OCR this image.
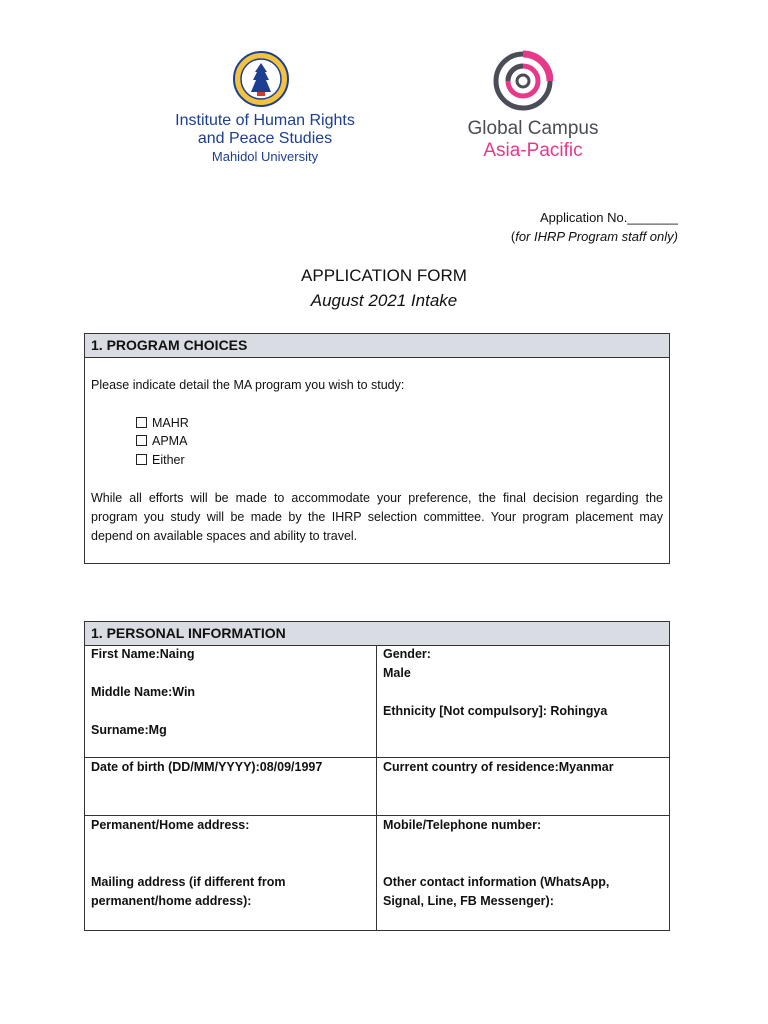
Institute of Human Rights
and Peace Studies
Mahidol University
Global Campus
Asia-Pacific
Application No._______
(for IHRP Program staff only)
APPLICATION FORM
August 2021 Intake
1. PROGRAM CHOICES
Please indicate detail the MA program you wish to study:
MAHR
APMA
Either
While all efforts will be made to accommodate your preference, the final decision regarding the program you study will be made by the IHRP selection committee. Your program placement may depend on available spaces and ability to travel.
1. PERSONAL INFORMATION
First Name:Naing
Middle Name:Win
Surname:Mg
Gender:
Male
Ethnicity [Not compulsory]: Rohingya
Date of birth (DD/MM/YYYY):08/09/1997	Current country of residence:Myanmar
Permanent/Home address:
Mailing address (if different from
permanent/home address):
Mobile/Telephone number:
Other contact information (WhatsApp,
Signal, Line, FB Messenger):
